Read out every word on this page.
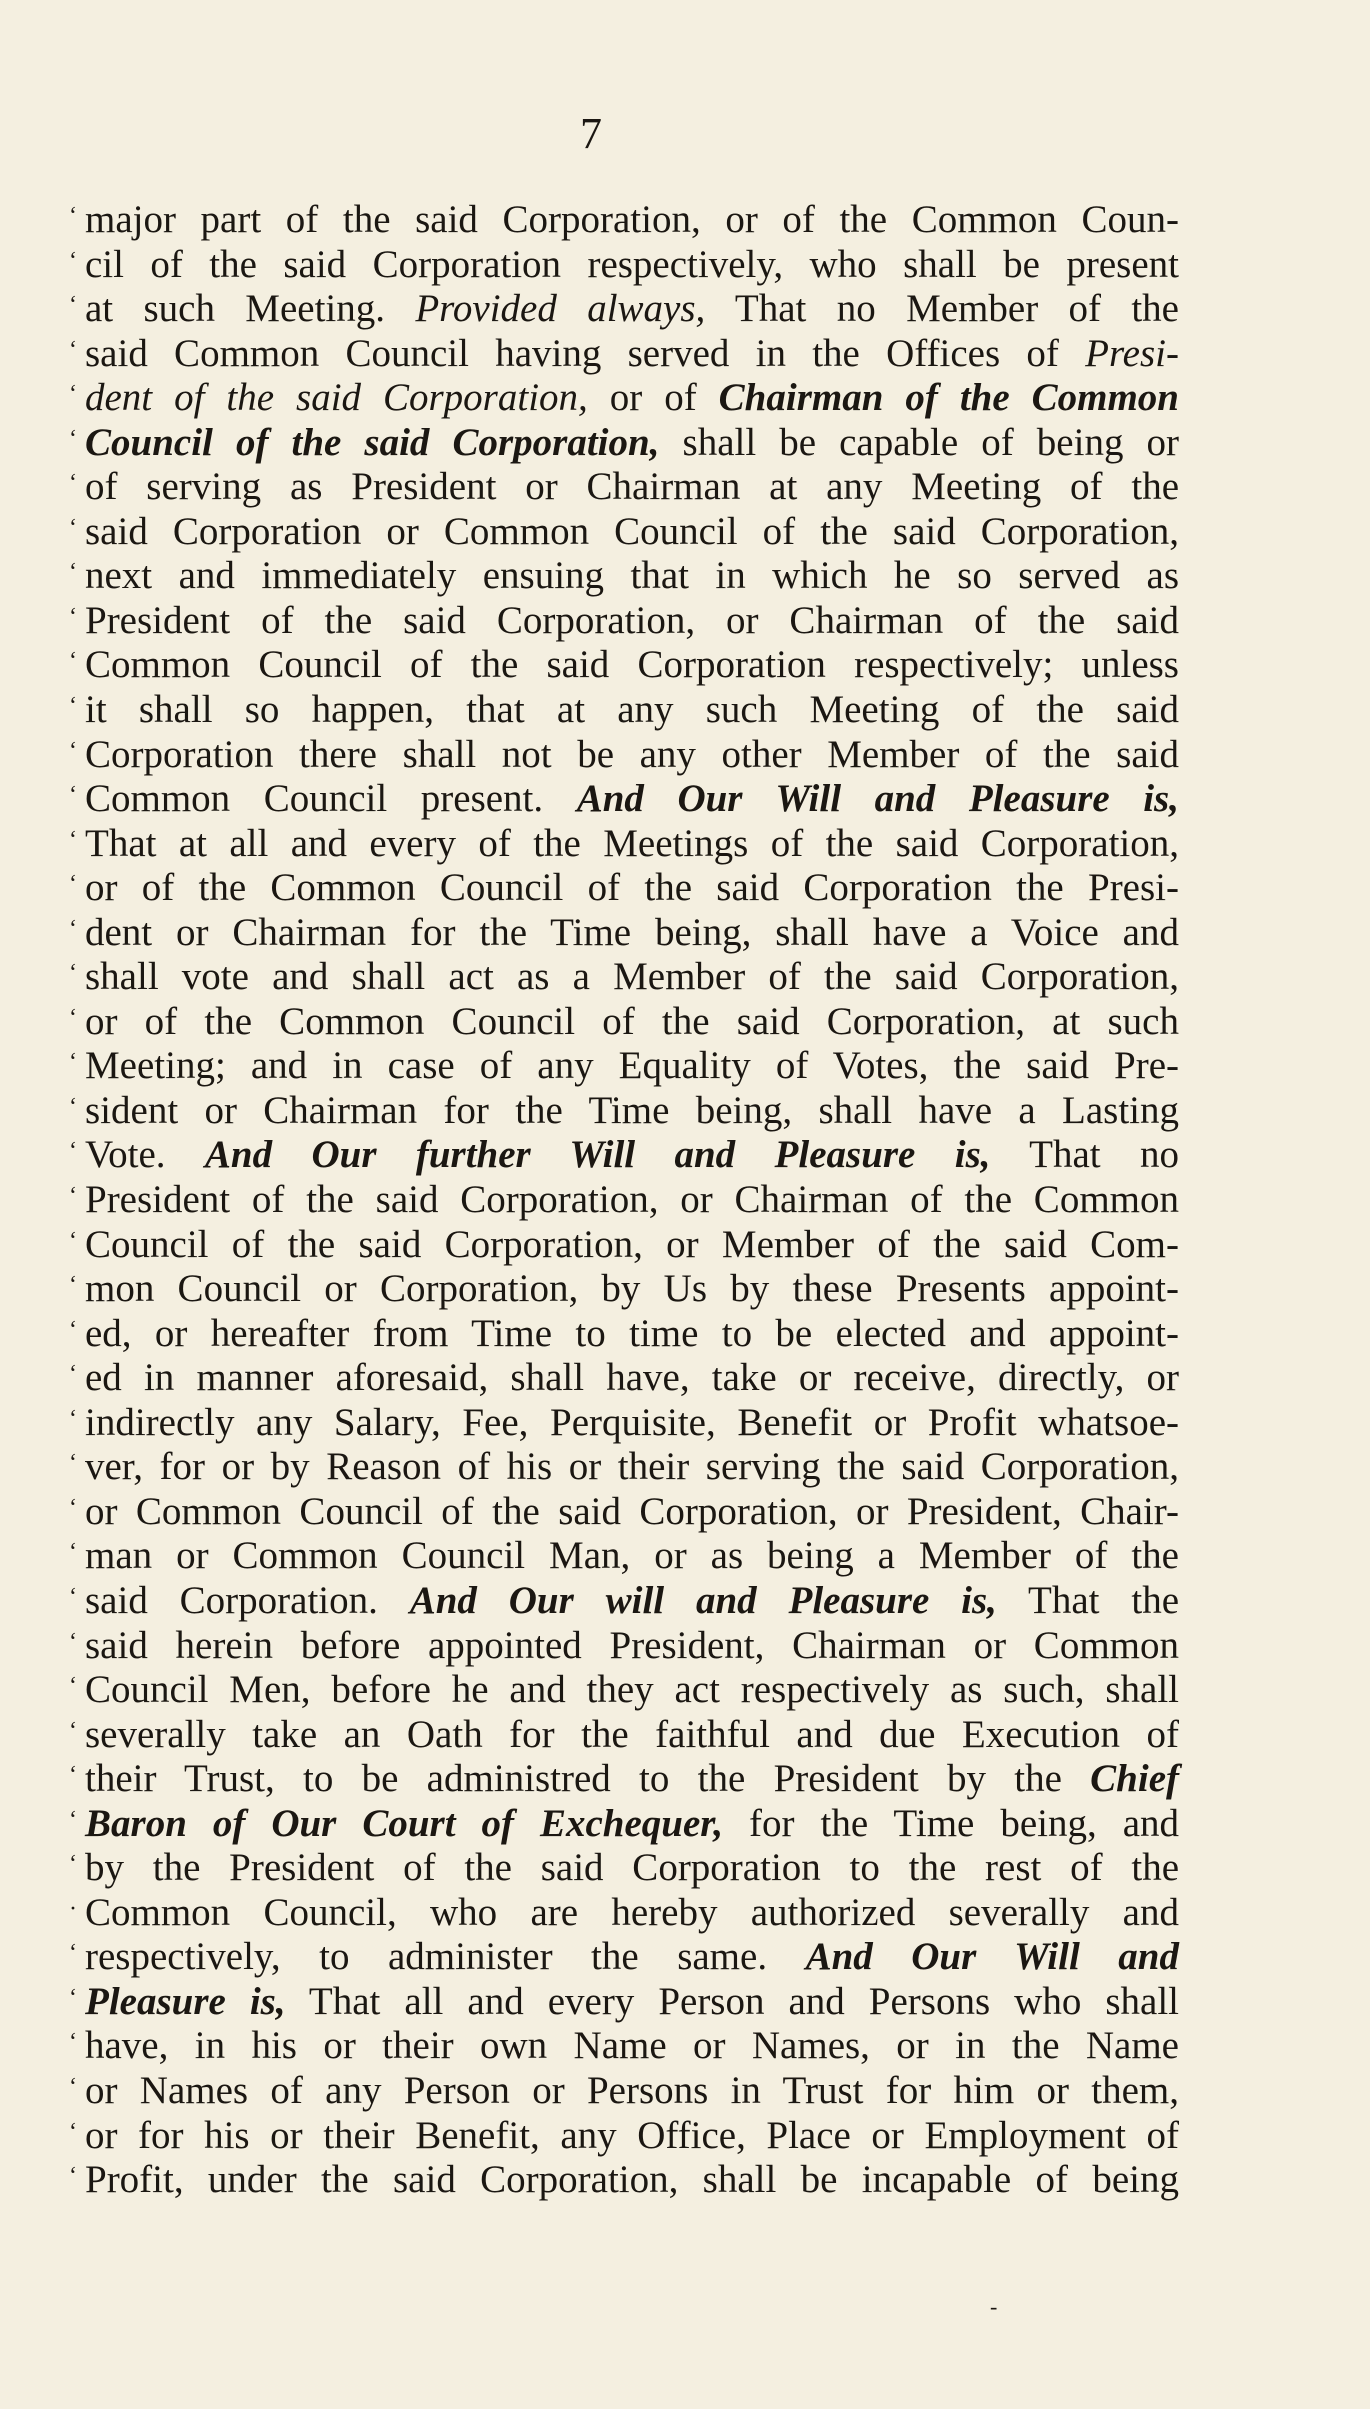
7
‘ major part of the said Corporation, or of the Common Coun-
‘ cil of the said Corporation respectively, who shall be present
‘ at such Meeting. Provided always, That no Member of the
‘ said Common Council having served in the Offices of Presi-
‘ dent of the said Corporation, or of Chairman of the Common
‘ Council of the said Corporation, shall be capable of being or
‘ of serving as President or Chairman at any Meeting of the
‘ said Corporation or Common Council of the said Corporation,
‘ next and immediately ensuing that in which he so served as
‘ President of the said Corporation, or Chairman of the said
‘ Common Council of the said Corporation respectively; unless
‘ it shall so happen, that at any such Meeting of the said
‘ Corporation there shall not be any other Member of the said
‘ Common Council present. And Our Will and Pleasure is,
‘ That at all and every of the Meetings of the said Corporation,
‘ or of the Common Council of the said Corporation the Presi-
‘ dent or Chairman for the Time being, shall have a Voice and
‘ shall vote and shall act as a Member of the said Corporation,
‘ or of the Common Council of the said Corporation, at such
‘ Meeting; and in case of any Equality of Votes, the said Pre-
‘ sident or Chairman for the Time being, shall have a Lasting
‘ Vote. And Our further Will and Pleasure is, That no
‘ President of the said Corporation, or Chairman of the Common
‘ Council of the said Corporation, or Member of the said Com-
‘ mon Council or Corporation, by Us by these Presents appoint-
‘ ed, or hereafter from Time to time to be elected and appoint-
‘ ed in manner aforesaid, shall have, take or receive, directly, or
‘ indirectly any Salary, Fee, Perquisite, Benefit or Profit whatsoe-
‘ ver, for or by Reason of his or their serving the said Corporation,
‘ or Common Council of the said Corporation, or President, Chair-
‘ man or Common Council Man, or as being a Member of the
‘ said Corporation. And Our will and Pleasure is, That the
‘ said herein before appointed President, Chairman or Common
‘ Council Men, before he and they act respectively as such, shall
‘ severally take an Oath for the faithful and due Execution of
‘ their Trust, to be administred to the President by the Chief
‘ Baron of Our Court of Exchequer, for the Time being, and
‘ by the President of the said Corporation to the rest of the
· Common Council, who are hereby authorized severally and
‘ respectively, to administer the same. And Our Will and
‘ Pleasure is, That all and every Person and Persons who shall
‘ have, in his or their own Name or Names, or in the Name
‘ or Names of any Person or Persons in Trust for him or them,
‘ or for his or their Benefit, any Office, Place or Employment of
‘ Profit, under the said Corporation, shall be incapable of being
-
